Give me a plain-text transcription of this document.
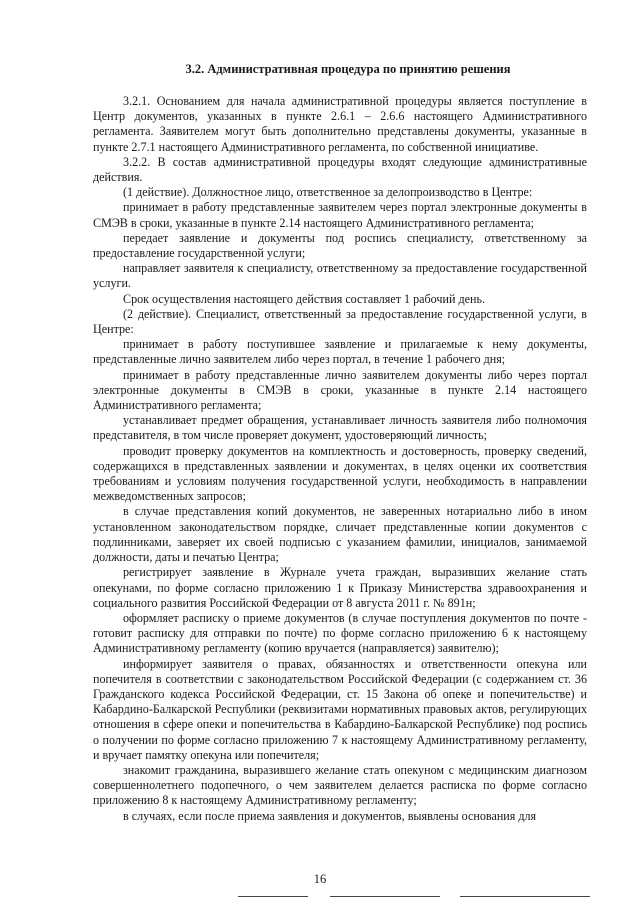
3.2. Административная процедура по принятию решения

3.2.1. Основанием для начала административной процедуры является поступление в Центр документов, указанных в пункте 2.6.1 – 2.6.6 настоящего Административного регламента. Заявителем могут быть дополнительно представлены документы, указанные в пункте 2.7.1 настоящего Административного регламента, по собственной инициативе.

3.2.2. В состав административной процедуры входят следующие административные действия.

(1 действие). Должностное лицо, ответственное за делопроизводство в Центре:

принимает в работу представленные заявителем через портал электронные документы в СМЭВ в сроки, указанные в пункте 2.14 настоящего Административного регламента;

передает заявление и документы под роспись специалисту, ответственному за предоставление государственной услуги;

направляет заявителя к специалисту, ответственному за предоставление государственной услуги.

Срок осуществления настоящего действия составляет 1 рабочий день.

(2 действие). Специалист, ответственный за предоставление государственной услуги, в Центре:

принимает в работу поступившее заявление и прилагаемые к нему документы, представленные лично заявителем либо через портал, в течение 1 рабочего дня;

принимает в работу представленные лично заявителем документы либо через портал электронные документы в СМЭВ в сроки, указанные в пункте 2.14 настоящего Административного регламента;

устанавливает предмет обращения, устанавливает личность заявителя либо полномочия представителя, в том числе проверяет документ, удостоверяющий личность;

проводит проверку документов на комплектность и достоверность, проверку сведений, содержащихся в представленных заявлении и документах, в целях оценки их соответствия требованиям и условиям получения государственной услуги, необходимость в направлении межведомственных запросов;

в случае представления копий документов, не заверенных нотариально либо в ином установленном законодательством порядке, сличает представленные копии документов с подлинниками, заверяет их своей подписью с указанием фамилии, инициалов, занимаемой должности, даты и печатью Центра;

регистрирует заявление в Журнале учета граждан, выразивших желание стать опекунами, по форме согласно приложению 1 к Приказу Министерства здравоохранения и социального развития Российской Федерации от 8 августа 2011 г. № 891н;

оформляет расписку о приеме документов (в случае поступления документов по почте - готовит расписку для отправки по почте) по форме согласно приложению 6 к настоящему Административному регламенту (копию вручается (направляется) заявителю);

информирует заявителя о правах, обязанностях и ответственности опекуна или попечителя в соответствии с законодательством Российской Федерации (с содержанием ст. 36 Гражданского кодекса Российской Федерации, ст. 15 Закона об опеке и попечительстве) и Кабардино-Балкарской Республики (реквизитами нормативных правовых актов, регулирующих отношения в сфере опеки и попечительства в Кабардино-Балкарской Республике) под роспись о получении по форме согласно приложению 7 к настоящему Административному регламенту, и вручает памятку опекуна или попечителя;

знакомит гражданина, выразившего желание стать опекуном с медицинским диагнозом совершеннолетнего подопечного, о чем заявителем делается расписка по форме согласно приложению 8 к настоящему Административному регламенту;

в случаях, если после приема заявления и документов, выявлены основания для

16
